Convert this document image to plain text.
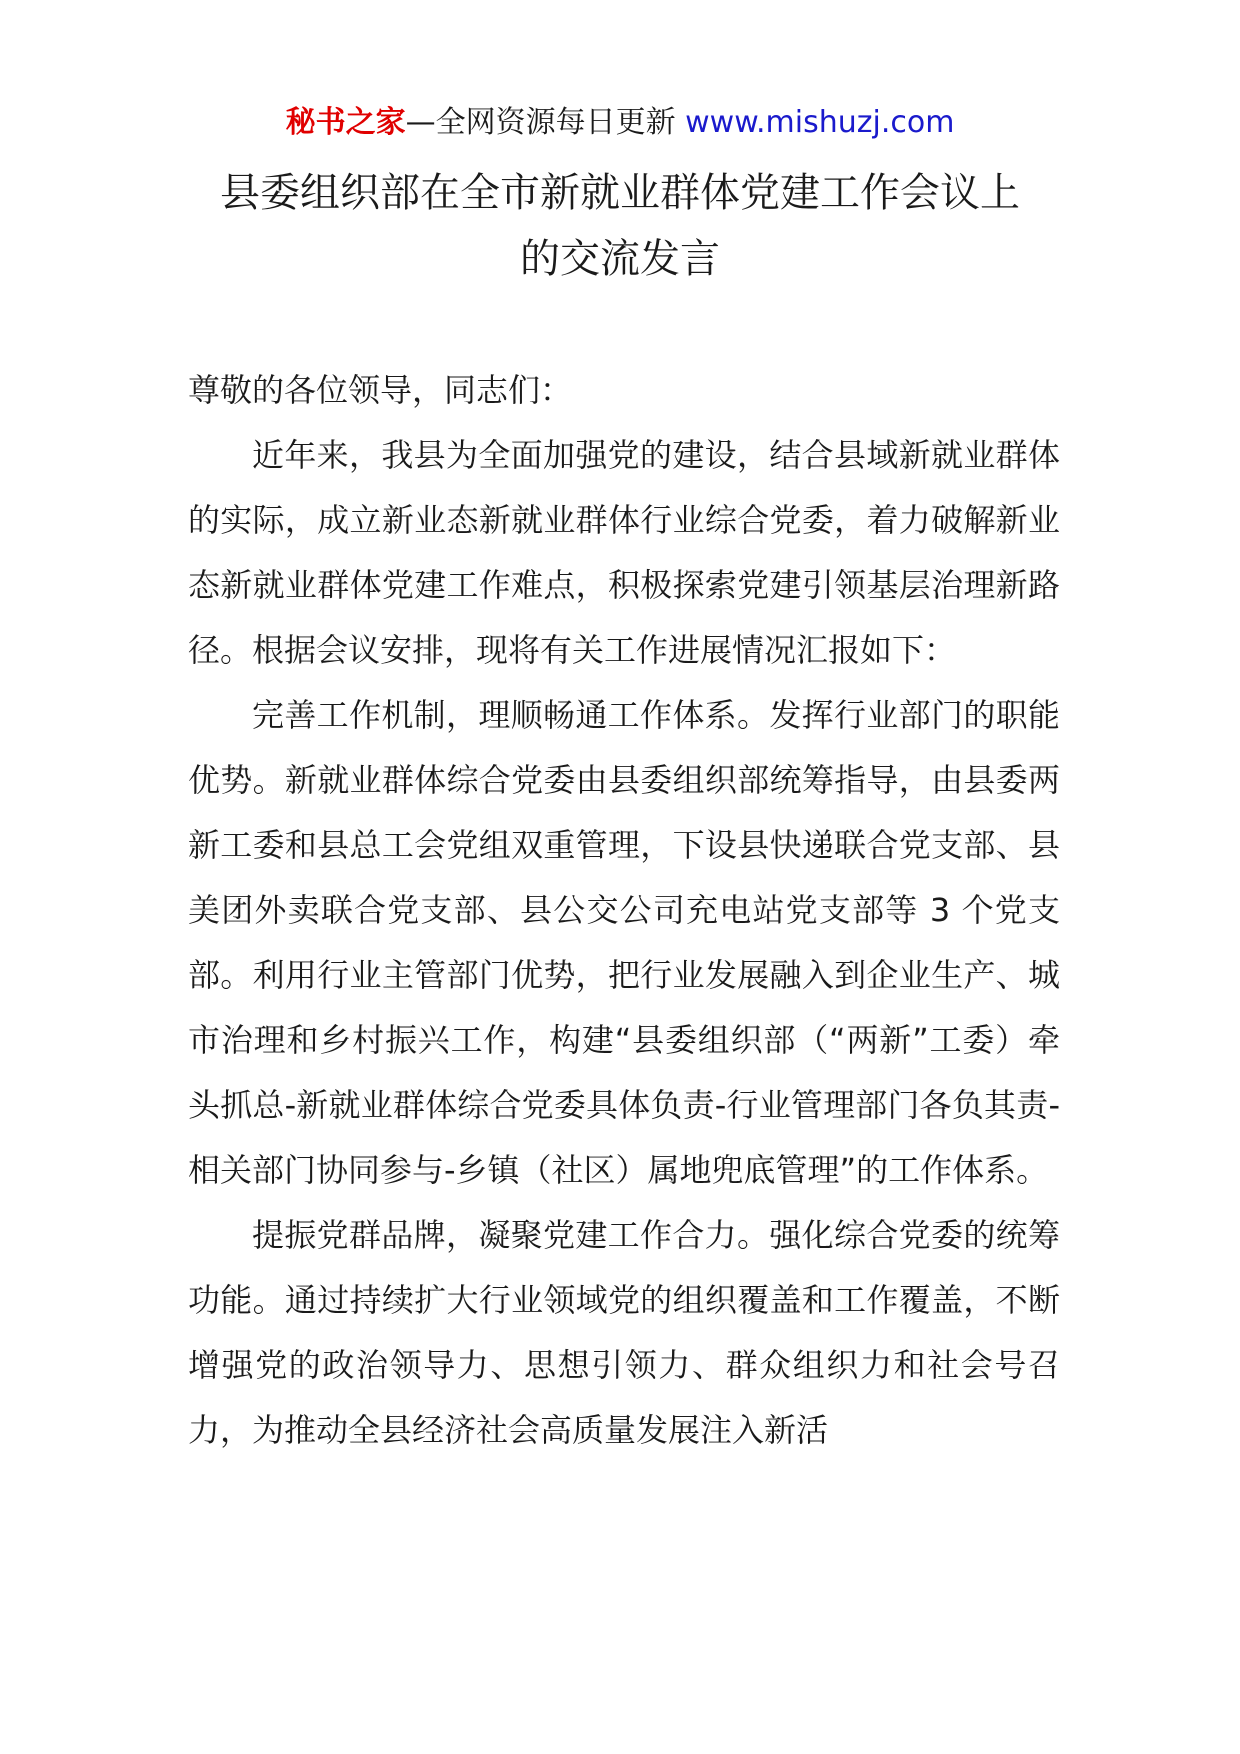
秘书之家—全网资源每日更新 www.mishuzj.com
县委组织部在全市新就业群体党建工作会议上
的交流发言

尊敬的各位领导，同志们：

近年来，我县为全面加强党的建设，结合县域新就业群体的实际，成立新业态新就业群体行业综合党委，着力破解新业态新就业群体党建工作难点，积极探索党建引领基层治理新路径。根据会议安排，现将有关工作进展情况汇报如下：

完善工作机制，理顺畅通工作体系。发挥行业部门的职能优势。新就业群体综合党委由县委组织部统筹指导，由县委两新工委和县总工会党组双重管理，下设县快递联合党支部、县美团外卖联合党支部、县公交公司充电站党支部等 3 个党支部。利用行业主管部门优势，把行业发展融入到企业生产、城市治理和乡村振兴工作，构建“县委组织部（“两新”工委）牵头抓总-新就业群体综合党委具体负责-行业管理部门各负其责-相关部门协同参与-乡镇（社区）属地兜底管理”的工作体系。

提振党群品牌，凝聚党建工作合力。强化综合党委的统筹功能。通过持续扩大行业领域党的组织覆盖和工作覆盖，不断增强党的政治领导力、思想引领力、群众组织力和社会号召力，为推动全县经济社会高质量发展注入新活
